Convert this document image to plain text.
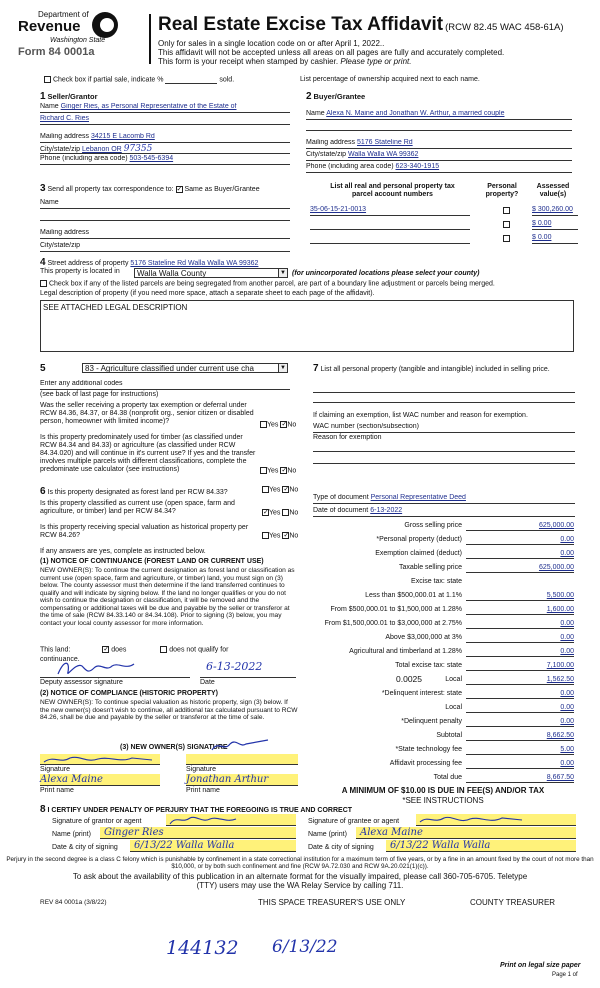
Department of
Revenue
Washington State
Form 84 0001a
Real Estate Excise Tax Affidavit (RCW 82.45 WAC 458-61A)
Only for sales in a single location code on or after April 1, 2022..
This affidavit will not be accepted unless all areas on all pages are fully and accurately completed.
This form is your receipt when stamped by cashier. Please type or print.
Check box if partial sale, indicate %	sold.	List percentage of ownership acquired next to each name.
1 Seller/Grantor
Name Ginger Ries, as Personal Representative of the Estate of
Richard C. Ries
Mailing address 34215 E Lacomb Rd
City/state/zip Lebanon OR 97355
Phone (including area code) 503-545-6394
2 Buyer/Grantee
Name Alexa N. Maine and Jonathan W. Arthur, a married couple
Mailing address 5176 Stateline Rd
City/state/zip Walla Walla WA 99362
Phone (including area code) 623-340-1915
3 Send all property tax correspondence to: ✓ Same as Buyer/Grantee
Name
Mailing address
City/state/zip
List all real and personal property tax
parcel account numbers
Personal
property?
Assessed
value(s)
35-06-15-21-0013	$ 300,260.00
$ 0.00
$ 0.00
4 Street address of property 5176 Stateline Rd Walla Walla WA 99362
This property is located in	Walla Walla County	▼ (for unincorporated locations please select your county)
Check box if any of the listed parcels are being segregated from another parcel, are part of a boundary line adjustment or parcels being merged.
Legal description of property (if you need more space, attach a separate sheet to each page of the affidavit).
SEE ATTACHED LEGAL DESCRIPTION
5	83 - Agriculture classified under current use cha	▼
Enter any additional codes
(see back of last page for instructions)
Was the seller receiving a property tax exemption or deferral under RCW 84.36, 84.37, or 84.38 (nonprofit org., senior citizen or disabled person, homeowner with limited income)?	Yes ✓No
Is this property predominately used for timber (as classified under RCW 84.34 and 84.33) or agriculture (as classified under RCW 84.34.020) and will continue in it's current use? If yes and the transfer involves multiple parcels with different classifications, complete the predominate use calculator (see instructions)	Yes ✓No
7 List all personal property (tangible and intangible) included in selling price.
If claiming an exemption, list WAC number and reason for exemption.
WAC number (section/subsection)
Reason for exemption
6 Is this property designated as forest land per RCW 84.33?	Yes ✓No
Is this property classified as current use (open space, farm and agriculture, or timber) land per RCW 84.34?	✓Yes No
Is this property receiving special valuation as historical property per RCW 84.26?	Yes ✓No
If any answers are yes, complete as instructed below.
(1) NOTICE OF CONTINUANCE (FOREST LAND OR CURRENT USE)
NEW OWNER(S): To continue the current designation as forest land or classification as current use (open space, farm and agriculture, or timber) land, you must sign on (3) below. The county assessor must then determine if the land transferred continues to qualify and will indicate by signing below. If the land no longer qualifies or you do not wish to continue the designation or classification, it will be removed and the compensating or additional taxes will be due and payable by the seller or transferor at the time of sale (RCW 84.33.140 or 84.34.108). Prior to signing (3) below, you may contact your local county assessor for more information.
This land:	✓ does	does not qualify for
continuance.
6-13-2022
Deputy assessor signature	Date
(2) NOTICE OF COMPLIANCE (HISTORIC PROPERTY)
NEW OWNER(S): To continue special valuation as historic property, sign (3) below. If the new owner(s) doesn't wish to continue, all additional tax calculated pursuant to RCW 84.26, shall be due and payable by the seller or transferor at the time of sale.
(3) NEW OWNER(S) SIGNATURE
Signature	Signature
Alexa Maine	Jonathan Arthur
Print name	Print name
Type of document Personal Representative Deed
Date of document 6-13-2022
Gross selling price	625,000.00
*Personal property (deduct)	0.00
Exemption claimed (deduct)	0.00
Taxable selling price	625,000.00
Excise tax: state
Less than $500,000.01 at 1.1%	5,500.00
From $500,000.01 to $1,500,000 at 1.28%	1,600.00
From $1,500,000.01 to $3,000,000 at 2.75%	0.00
Above $3,000,000 at 3%	0.00
Agricultural and timberland at 1.28%	0.00
Total excise tax: state	7,100.00
0.0025	Local	1,562.50
*Delinquent interest: state	0.00
Local	0.00
*Delinquent penalty	0.00
Subtotal	8,662.50
*State technology fee	5.00
Affidavit processing fee	0.00
Total due	8,667.50
A MINIMUM OF $10.00 IS DUE IN FEE(S) AND/OR TAX
*SEE INSTRUCTIONS
8 I CERTIFY UNDER PENALTY OF PERJURY THAT THE FOREGOING IS TRUE AND CORRECT
Signature of grantor or agent
Name (print)	Ginger Ries
Date & city of signing	6/13/22 Walla Walla
Signature of grantee or agent
Name (print)	Alexa Maine
Date & city of signing	6/13/22 Walla Walla
Perjury in the second degree is a class C felony which is punishable by confinement in a state correctional institution for a maximum term of five years, or by a fine in an amount fixed by the court of not more than $10,000, or by both such confinement and fine (RCW 9A.72.030 and RCW 9A.20.021(1)(c)).
To ask about the availability of this publication in an alternate format for the visually impaired, please call 360-705-6705. Teletype
(TTY) users may use the WA Relay Service by calling 711.
REV 84 0001a (3/8/22)	THIS SPACE TREASURER'S USE ONLY	COUNTY TREASURER
144132 6/13/22
Print on legal size paper
Page 1 of
